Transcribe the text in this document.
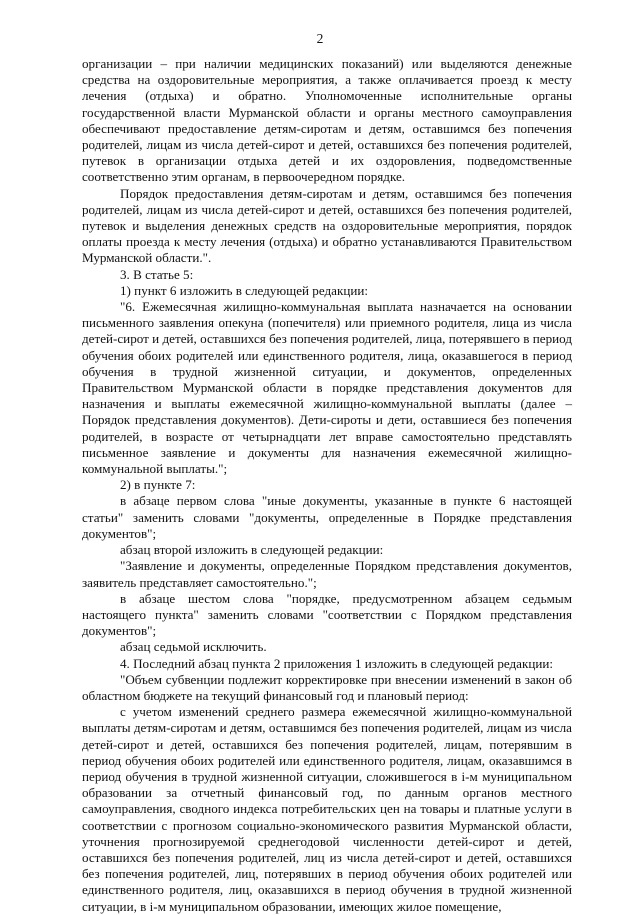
2

организации – при наличии медицинских показаний) или выделяются денежные средства на оздоровительные мероприятия, а также оплачивается проезд к месту лечения (отдыха) и обратно. Уполномоченные исполнительные органы государственной власти Мурманской области и органы местного самоуправления обеспечивают предоставление детям-сиротам и детям, оставшимся без попечения родителей, лицам из числа детей-сирот и детей, оставшихся без попечения родителей, путевок в организации отдыха детей и их оздоровления, подведомственные соответственно этим органам, в первоочередном порядке.

Порядок предоставления детям-сиротам и детям, оставшимся без попечения родителей, лицам из числа детей-сирот и детей, оставшихся без попечения родителей, путевок и выделения денежных средств на оздоровительные мероприятия, порядок оплаты проезда к месту лечения (отдыха) и обратно устанавливаются Правительством Мурманской области.".

3. В статье 5:

1) пункт 6 изложить в следующей редакции:

"6. Ежемесячная жилищно-коммунальная выплата назначается на основании письменного заявления опекуна (попечителя) или приемного родителя, лица из числа детей-сирот и детей, оставшихся без попечения родителей, лица, потерявшего в период обучения обоих родителей или единственного родителя, лица, оказавшегося в период обучения в трудной жизненной ситуации, и документов, определенных Правительством Мурманской области в порядке представления документов для назначения и выплаты ежемесячной жилищно-коммунальной выплаты (далее – Порядок представления документов). Дети-сироты и дети, оставшиеся без попечения родителей, в возрасте от четырнадцати лет вправе самостоятельно представлять письменное заявление и документы для назначения ежемесячной жилищно-коммунальной выплаты.";

2) в пункте 7:

в абзаце первом слова "иные документы, указанные в пункте 6 настоящей статьи" заменить словами "документы, определенные в Порядке представления документов";

абзац второй изложить в следующей редакции:

"Заявление и документы, определенные Порядком представления документов, заявитель представляет самостоятельно.";

в абзаце шестом слова "порядке, предусмотренном абзацем седьмым настоящего пункта" заменить словами "соответствии с Порядком представления документов";

абзац седьмой исключить.

4. Последний абзац пункта 2 приложения 1 изложить в следующей редакции:

"Объем субвенции подлежит корректировке при внесении изменений в закон об областном бюджете на текущий финансовый год и плановый период:

с учетом изменений среднего размера ежемесячной жилищно-коммунальной выплаты детям-сиротам и детям, оставшимся без попечения родителей, лицам из числа детей-сирот и детей, оставшихся без попечения родителей, лицам, потерявшим в период обучения обоих родителей или единственного родителя, лицам, оказавшимся в период обучения в трудной жизненной ситуации, сложившегося в i-м муниципальном образовании за отчетный финансовый год, по данным органов местного самоуправления, сводного индекса потребительских цен на товары и платные услуги в соответствии с прогнозом социально-экономического развития Мурманской области, уточнения прогнозируемой среднегодовой численности детей-сирот и детей, оставшихся без попечения родителей, лиц из числа детей-сирот и детей, оставшихся без попечения родителей, лиц, потерявших в период обучения обоих родителей или единственного родителя, лиц, оказавшихся в период обучения в трудной жизненной ситуации, в i-м муниципальном образовании, имеющих жилое помещение,
